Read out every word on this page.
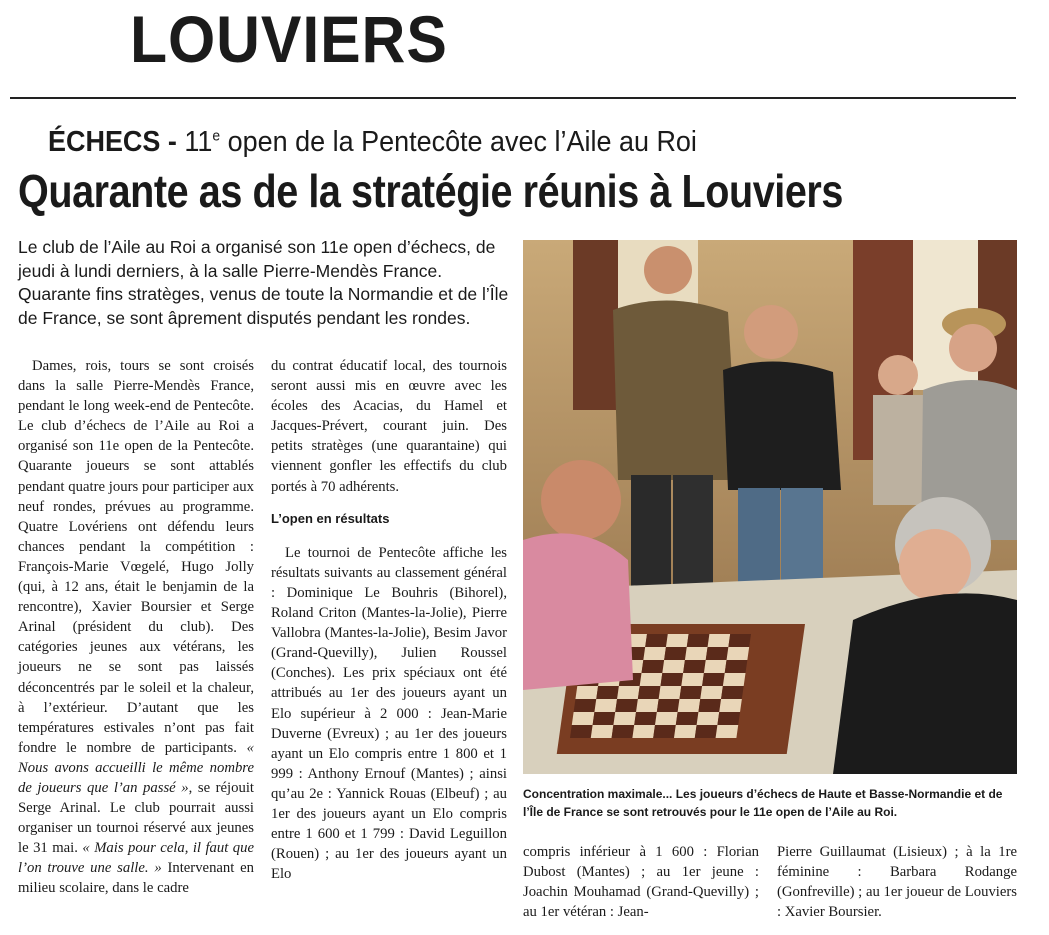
LOUVIERS
ÉCHECS - 11e open de la Pentecôte avec l’Aile au Roi
Quarante as de la stratégie réunis à Louviers
Le club de l’Aile au Roi a organisé son 11e open d’échecs, de jeudi à lundi derniers, à la salle Pierre-Mendès France. Quarante fins stratèges, venus de toute la Normandie et de l’Île de France, se sont âprement disputés pendant les rondes.

Dames, rois, tours se sont croisés dans la salle Pierre-Mendès France, pendant le long week-end de Pentecôte. Le club d’échecs de l’Aile au Roi a organisé son 11e open de la Pentecôte. Quarante joueurs se sont attablés pendant quatre jours pour participer aux neuf rondes, prévues au programme. Quatre Lovériens ont défendu leurs chances pendant la compétition : François-Marie Vœgelé, Hugo Jolly (qui, à 12 ans, était le benjamin de la rencontre), Xavier Boursier et Serge Arinal (président du club). Des catégories jeunes aux vétérans, les joueurs ne se sont pas laissés déconcentrés par le soleil et la chaleur, à l’extérieur. D’autant que les températures estivales n’ont pas fait fondre le nombre de participants. « Nous avons accueilli le même nombre de joueurs que l’an passé », se réjouit Serge Arinal. Le club pourrait aussi organiser un tournoi réservé aux jeunes le 31 mai. « Mais pour cela, il faut que l’on trouve une salle. » Intervenant en milieu scolaire, dans le cadre

du contrat éducatif local, des tournois seront aussi mis en œuvre avec les écoles des Acacias, du Hamel et Jacques-Prévert, courant juin. Des petits stratèges (une quarantaine) qui viennent gonfler les effectifs du club portés à 70 adhérents.

L’open en résultats

Le tournoi de Pentecôte affiche les résultats suivants au classement général : Dominique Le Bouhris (Bihorel), Roland Criton (Mantes-la-Jolie), Pierre Vallobra (Mantes-la-Jolie), Besim Javor (Grand-Quevilly), Julien Roussel (Conches). Les prix spéciaux ont été attribués au 1er des joueurs ayant un Elo supérieur à 2 000 : Jean-Marie Duverne (Evreux) ; au 1er des joueurs ayant un Elo compris entre 1 800 et 1 999 : Anthony Ernouf (Mantes) ; ainsi qu’au 2e : Yannick Rouas (Elbeuf) ; au 1er des joueurs ayant un Elo compris entre 1 600 et 1 799 : David Leguillon (Rouen) ; au 1er des joueurs ayant un Elo

Concentration maximale... Les joueurs d’échecs de Haute et Basse-Normandie et de l’Île de France se sont retrouvés pour le 11e open de l’Aile au Roi.

compris inférieur à 1 600 : Florian Dubost (Mantes) ; au 1er jeune : Joachin Mouhamad (Grand-Quevilly) ; au 1er vétéran : Jean-

Pierre Guillaumat (Lisieux) ; à la 1re féminine : Barbara Rodange (Gonfreville) ; au 1er joueur de Louviers : Xavier Boursier.
